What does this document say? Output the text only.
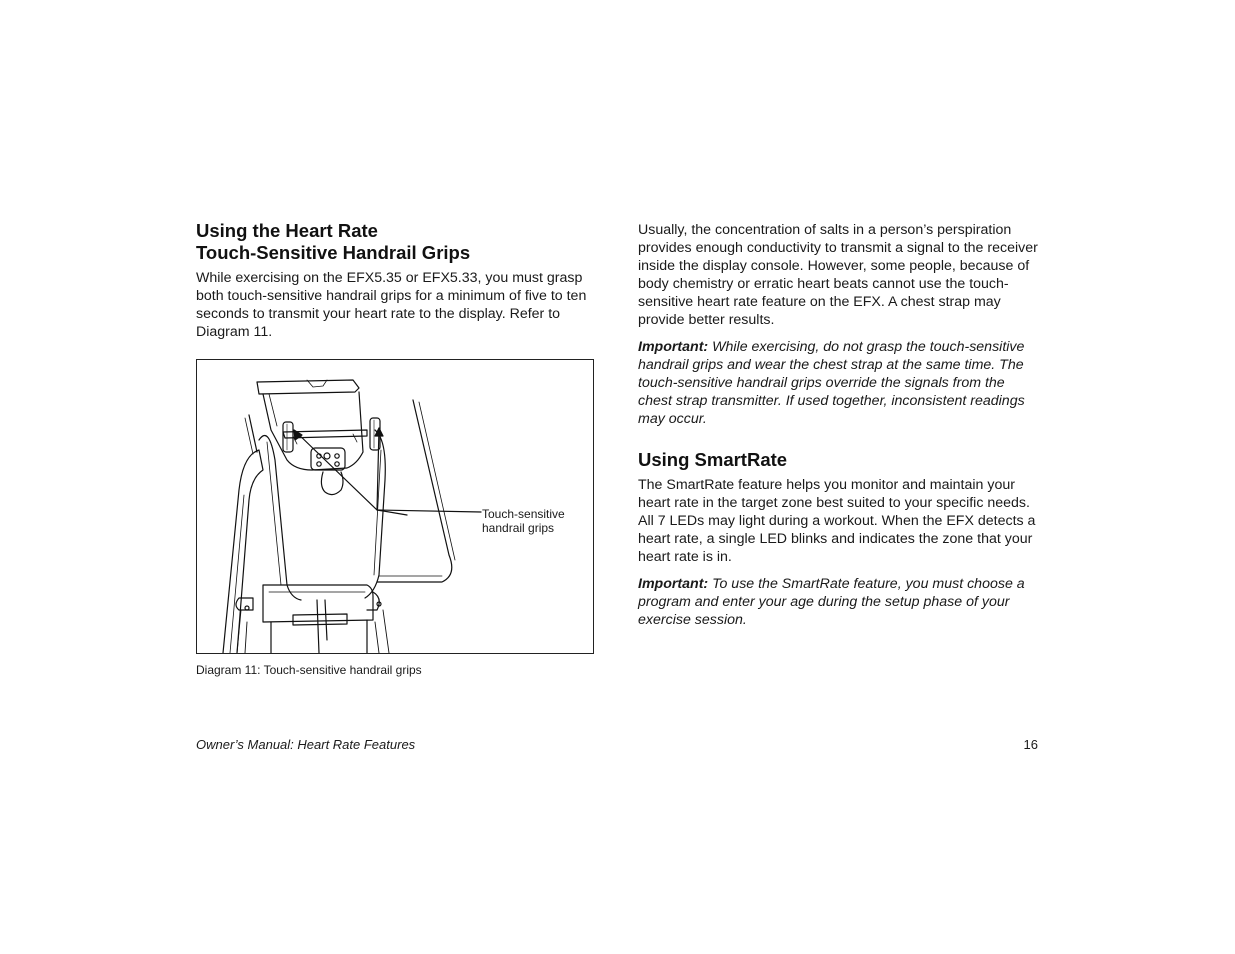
Using the Heart Rate
Touch-Sensitive Handrail Grips

While exercising on the EFX5.35 or EFX5.33, you must grasp both touch-sensitive handrail grips for a minimum of five to ten seconds to transmit your heart rate to the display. Refer to Diagram 11.

Touch-sensitive
handrail grips
Diagram 11: Touch-sensitive handrail grips

Usually, the concentration of salts in a person’s perspiration provides enough conductivity to transmit a signal to the receiver inside the display console. However, some people, because of body chemistry or erratic heart beats cannot use the touch-sensitive heart rate feature on the EFX. A chest strap may provide better results.

Important: While exercising, do not grasp the touch-sensitive handrail grips and wear the chest strap at the same time. The touch-sensitive handrail grips override the signals from the chest strap transmitter. If used together, inconsistent readings may occur.

Using SmartRate

The SmartRate feature helps you monitor and maintain your heart rate in the target zone best suited to your specific needs. All 7 LEDs may light during a workout. When the EFX detects a heart rate, a single LED blinks and indicates the zone that your heart rate is in.

Important: To use the SmartRate feature, you must choose a program and enter your age during the setup phase of your exercise session.

Owner’s Manual: Heart Rate Features	16
